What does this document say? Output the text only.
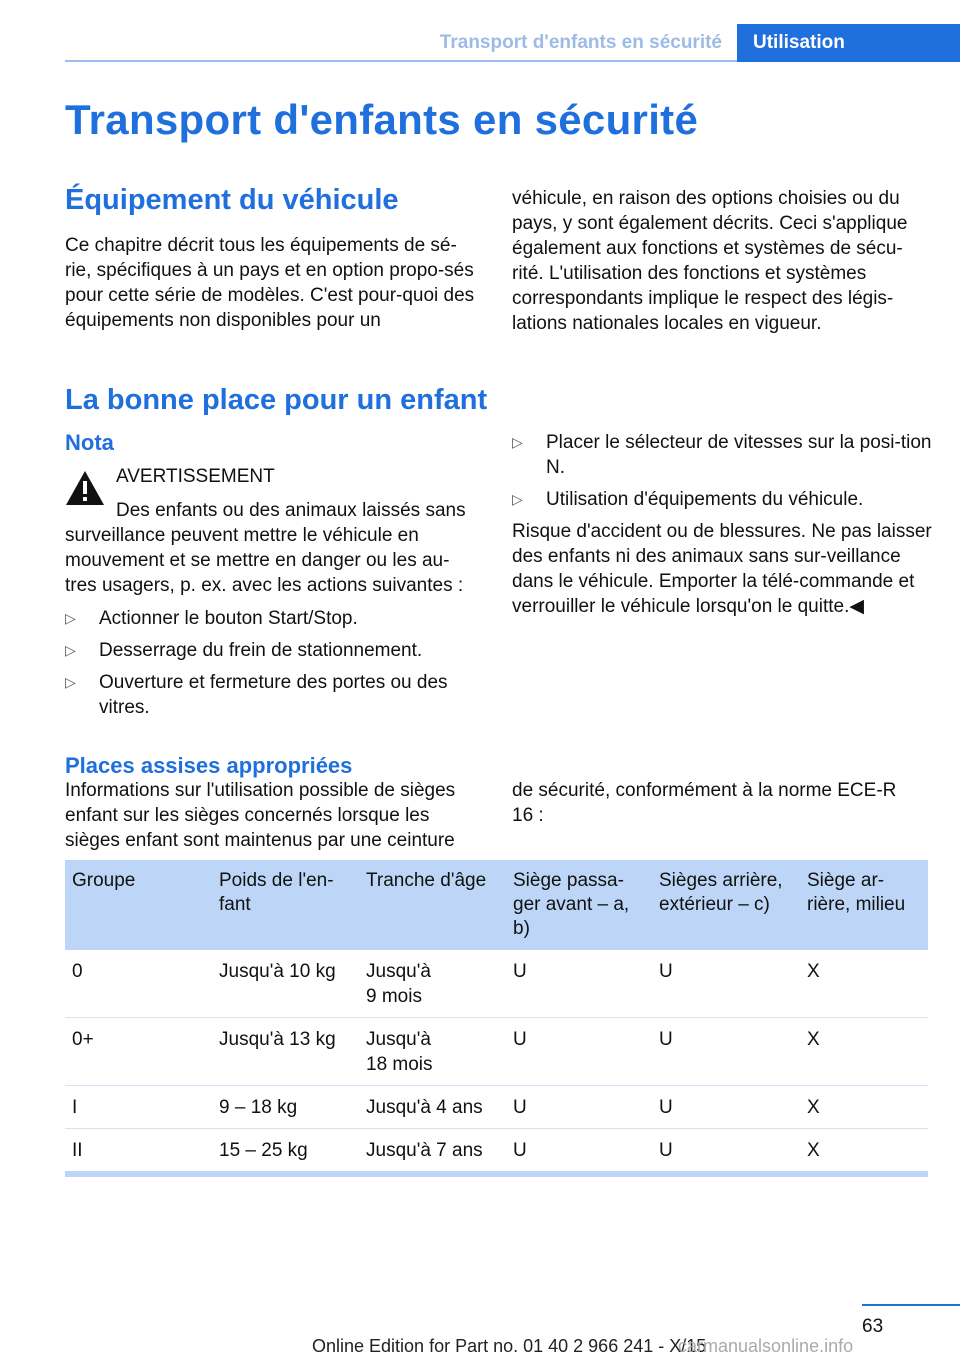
Transport d'enfants en sécurité	Utilisation
Transport d'enfants en sécurité
Équipement du véhicule

Ce chapitre décrit tous les équipements de sé‐rie, spécifiques à un pays et en option propo‐sés pour cette série de modèles. C'est pour‐quoi des équipements non disponibles pour un

véhicule, en raison des options choisies ou du pays, y sont également décrits. Ceci s'applique également aux fonctions et systèmes de sécu‐rité. L'utilisation des fonctions et systèmes correspondants implique le respect des légis‐lations nationales locales en vigueur.

La bonne place pour un enfant
Nota
AVERTISSEMENT

Des enfants ou des animaux laissés sans surveillance peuvent mettre le véhicule en mouvement et se mettre en danger ou les au‐tres usagers, p. ex. avec les actions suivantes :

▷ Actionner le bouton Start/Stop.
▷ Desserrage du frein de stationnement.
▷ Ouverture et fermeture des portes ou des vitres.
▷ Placer le sélecteur de vitesses sur la posi‐tion N.
▷ Utilisation d'équipements du véhicule.

Risque d'accident ou de blessures. Ne pas laisser des enfants ni des animaux sans sur‐veillance dans le véhicule. Emporter la télé‐commande et verrouiller le véhicule lorsqu'on le quitte.◀

Places assises appropriées

Informations sur l'utilisation possible de sièges enfant sur les sièges concernés lorsque les sièges enfant sont maintenus par une ceinture

de sécurité, conformément à la norme ECE-R 16 :

Groupe	Poids de l'en‐fant	Tranche d'âge	Siège passa‐ger avant – a, b)	Sièges arrière, extérieur – c)	Siège ar‐rière, milieu
0	Jusqu'à 10 kg	Jusqu'à
9 mois	U	U	X
0+	Jusqu'à 13 kg	Jusqu'à
18 mois	U	U	X
I	9 – 18 kg	Jusqu'à 4 ans	U	U	X
II	15 – 25 kg	Jusqu'à 7 ans	U	U	X
63
Online Edition for Part no. 01 40 2 966 241 - X/15
carmanualsonline.info
